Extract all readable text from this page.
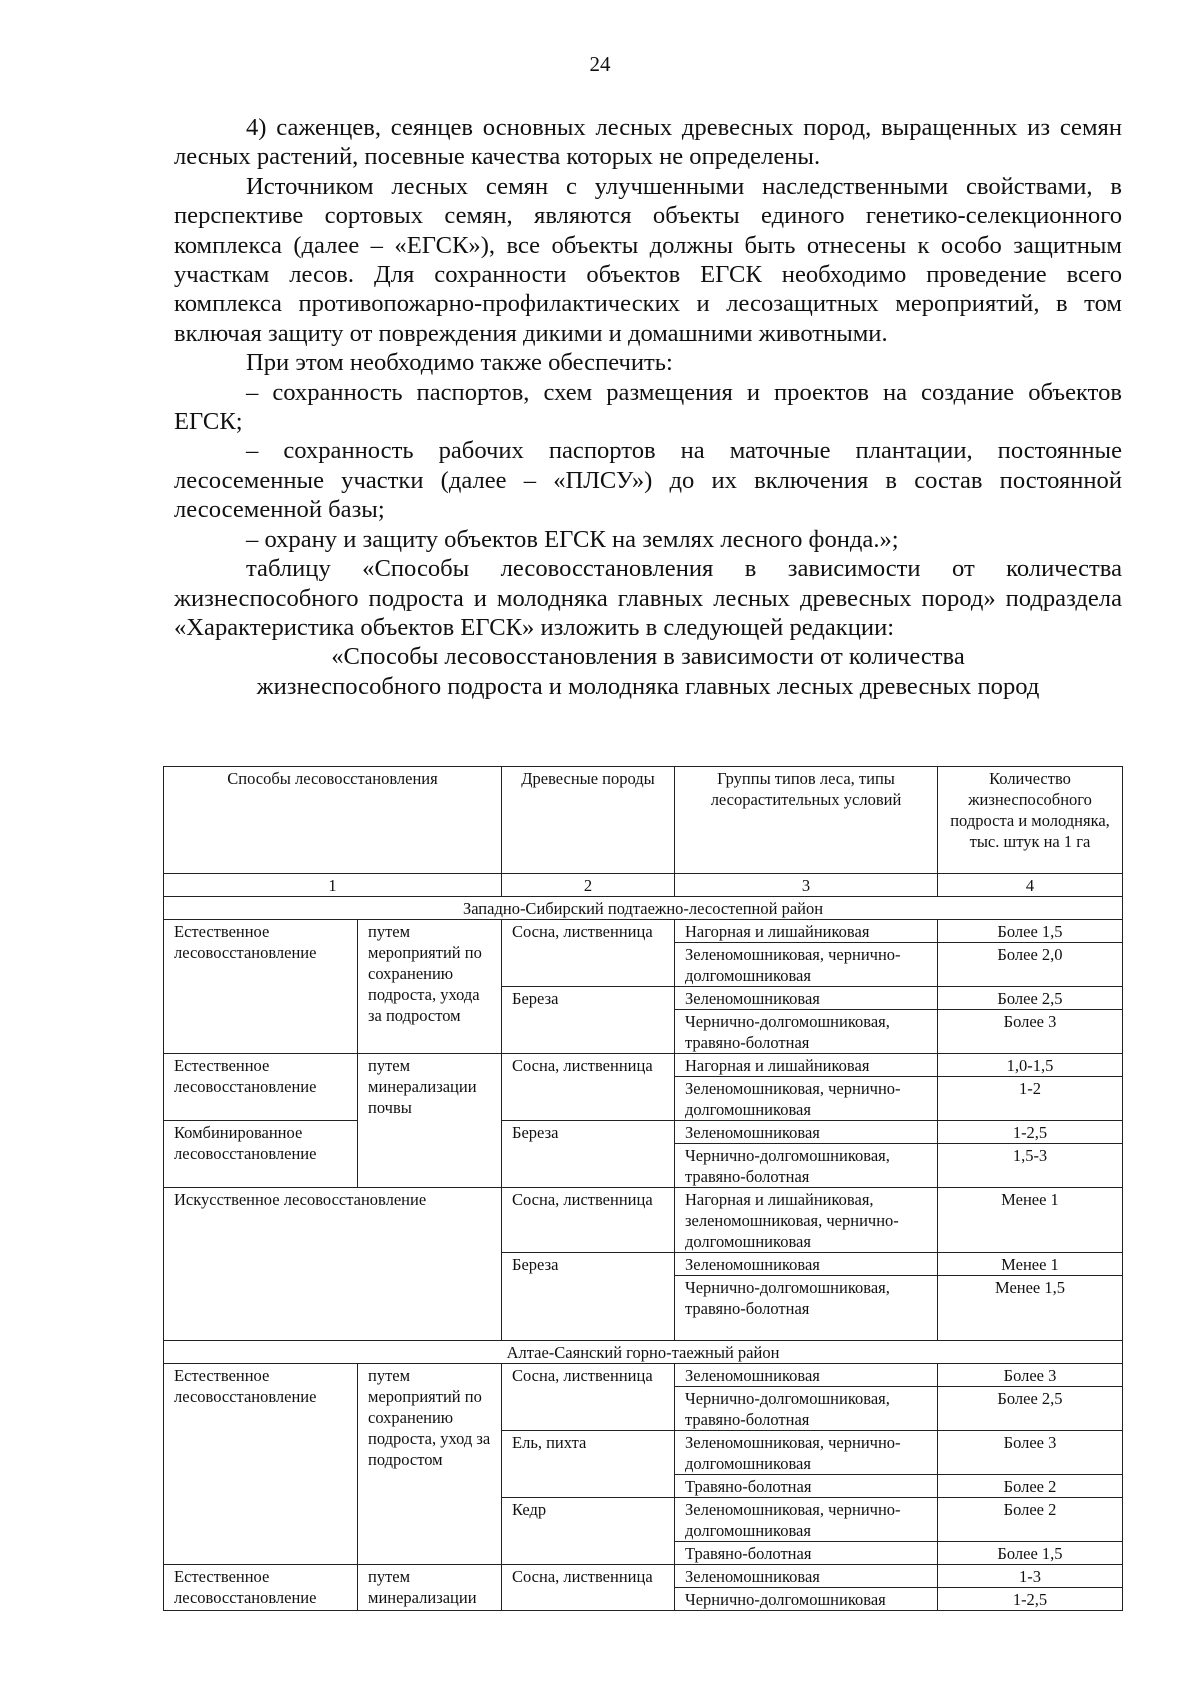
24

4) саженцев, сеянцев основных лесных древесных пород, выращенных из семян лесных растений, посевные качества которых не определены.

Источником лесных семян с улучшенными наследственными свойствами, в перспективе сортовых семян, являются объекты единого генетико-селекционного комплекса (далее – «ЕГСК»), все объекты должны быть отнесены к особо защитным участкам лесов. Для сохранности объектов ЕГСК необходимо проведение всего комплекса противопожарно-профилактических и лесозащитных мероприятий, в том включая защиту от повреждения дикими и домашними животными.

При этом необходимо также обеспечить:

– сохранность паспортов, схем размещения и проектов на создание объектов ЕГСК;

– сохранность рабочих паспортов на маточные плантации, постоянные лесосеменные участки (далее – «ПЛСУ») до их включения в состав постоянной лесосеменной базы;

– охрану и защиту объектов ЕГСК на землях лесного фонда.»;

таблицу «Способы лесовосстановления в зависимости от количества жизнеспособного подроста и молодняка главных лесных древесных пород» подраздела «Характеристика объектов ЕГСК» изложить в следующей редакции:

«Способы лесовосстановления в зависимости от количества

жизнеспособного подроста и молодняка главных лесных древесных пород

Способы лесовосстановления		Древесные породы	Группы типов леса, типы лесорастительных условий	Количество жизнеспособного подроста и молодняка, тыс. штук на 1 га
1		2	3	4
Западно-Сибирский подтаежно-лесостепной район				
Естественное лесовосстановление	путем мероприятий по сохранению подроста, ухода за подростом	Сосна, лиственница	Нагорная и лишайниковая	Более 1,5
			Зеленомошниковая, чернично-долгомошниковая	Более 2,0
		Береза	Зеленомошниковая	Более 2,5
			Чернично-долгомошниковая, травяно-болотная	Более 3
Естественное лесовосстановление	путем минерализации почвы	Сосна, лиственница	Нагорная и лишайниковая	1,0-1,5
			Зеленомошниковая, чернично-долгомошниковая	1-2
Комбинированное лесовосстановление		Береза	Зеленомошниковая	1-2,5
			Чернично-долгомошниковая, травяно-болотная	1,5-3
Искусственное лесовосстановление		Сосна, лиственница	Нагорная и лишайниковая, зеленомошниковая, чернично-долгомошниковая	Менее 1
		Береза	Зеленомошниковая	Менее 1
			Чернично-долгомошниковая, травяно-болотная	Менее 1,5
Алтае-Саянский горно-таежный район				
Естественное лесовосстановление	путем мероприятий по сохранению подроста, уход за подростом	Сосна, лиственница	Зеленомошниковая	Более 3
			Чернично-долгомошниковая, травяно-болотная	Более 2,5
		Ель, пихта	Зеленомошниковая, чернично-долгомошниковая	Более 3
			Травяно-болотная	Более 2
		Кедр	Зеленомошниковая, чернично-долгомошниковая	Более 2
			Травяно-болотная	Более 1,5
Естественное лесовосстановление	путем минерализации	Сосна, лиственница	Зеленомошниковая	1-3
			Чернично-долгомошниковая	1-2,5
